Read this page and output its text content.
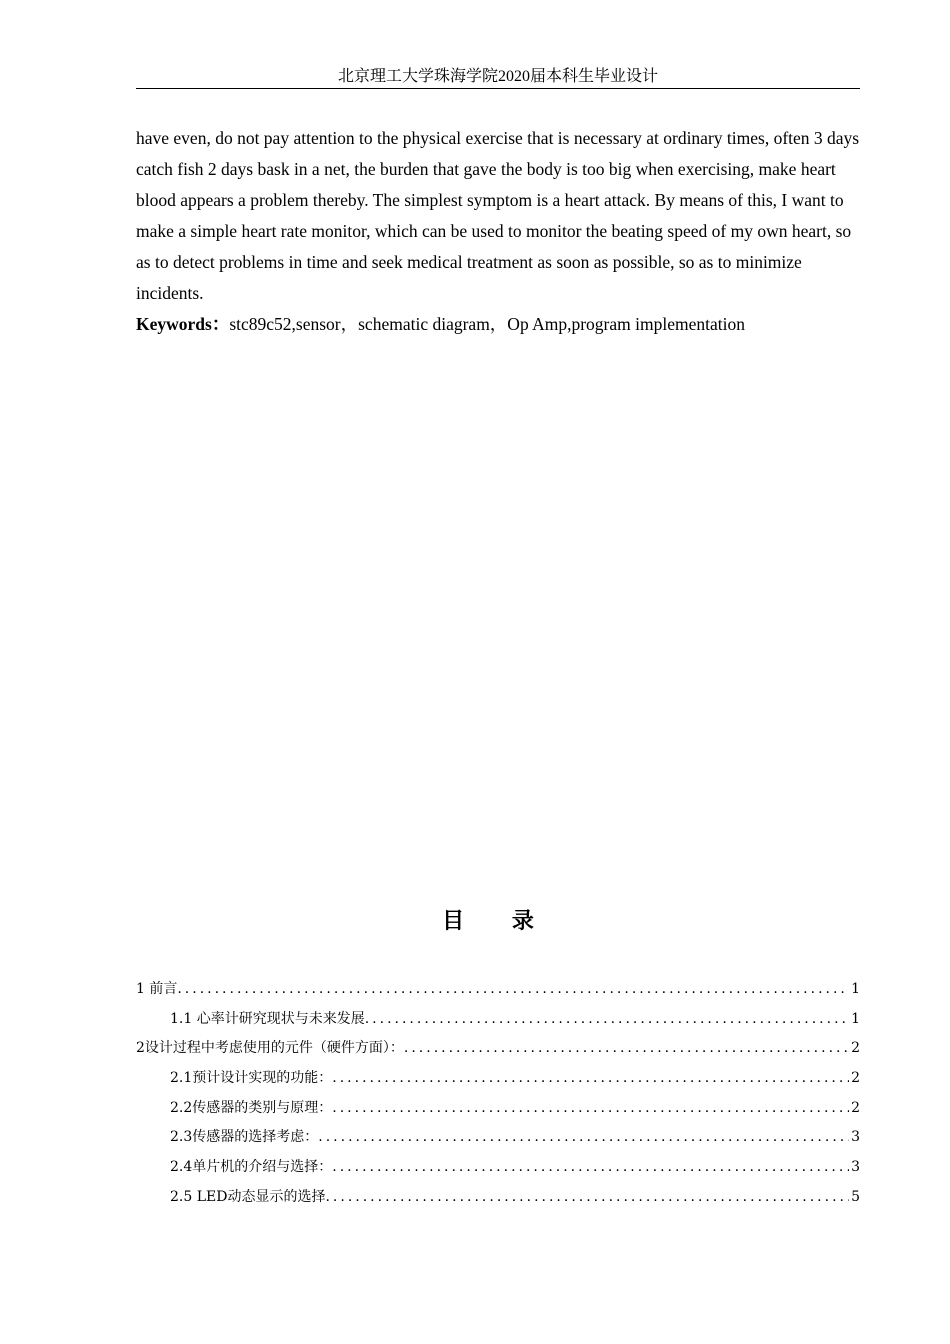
北京理工大学珠海学院2020届本科生毕业设计

have even, do not pay attention to the physical exercise that is necessary at ordinary times, often 3 days catch fish 2 days bask in a net, the burden that gave the body is too big when exercising, make heart blood appears a problem thereby. The simplest symptom is a heart attack. By means of this, I want to make a simple heart rate monitor, which can be used to monitor the beating speed of my own heart, so as to detect problems in time and seek medical treatment as soon as possible, so as to minimize incidents.

Keywords：stc89c52,sensor，schematic diagram，Op Amp,program implementation

目 录
1 前言 .....	1
1.1 心率计研究现状与未来发展 .....	1
2设计过程中考虑使用的元件（硬件方面）： .....	2
2.1预计设计实现的功能： .....	2
2.2传感器的类别与原理： .....	2
2.3传感器的选择考虑： .....	3
2.4单片机的介绍与选择： .....	3
2.5 LED动态显示的选择 .....	5
